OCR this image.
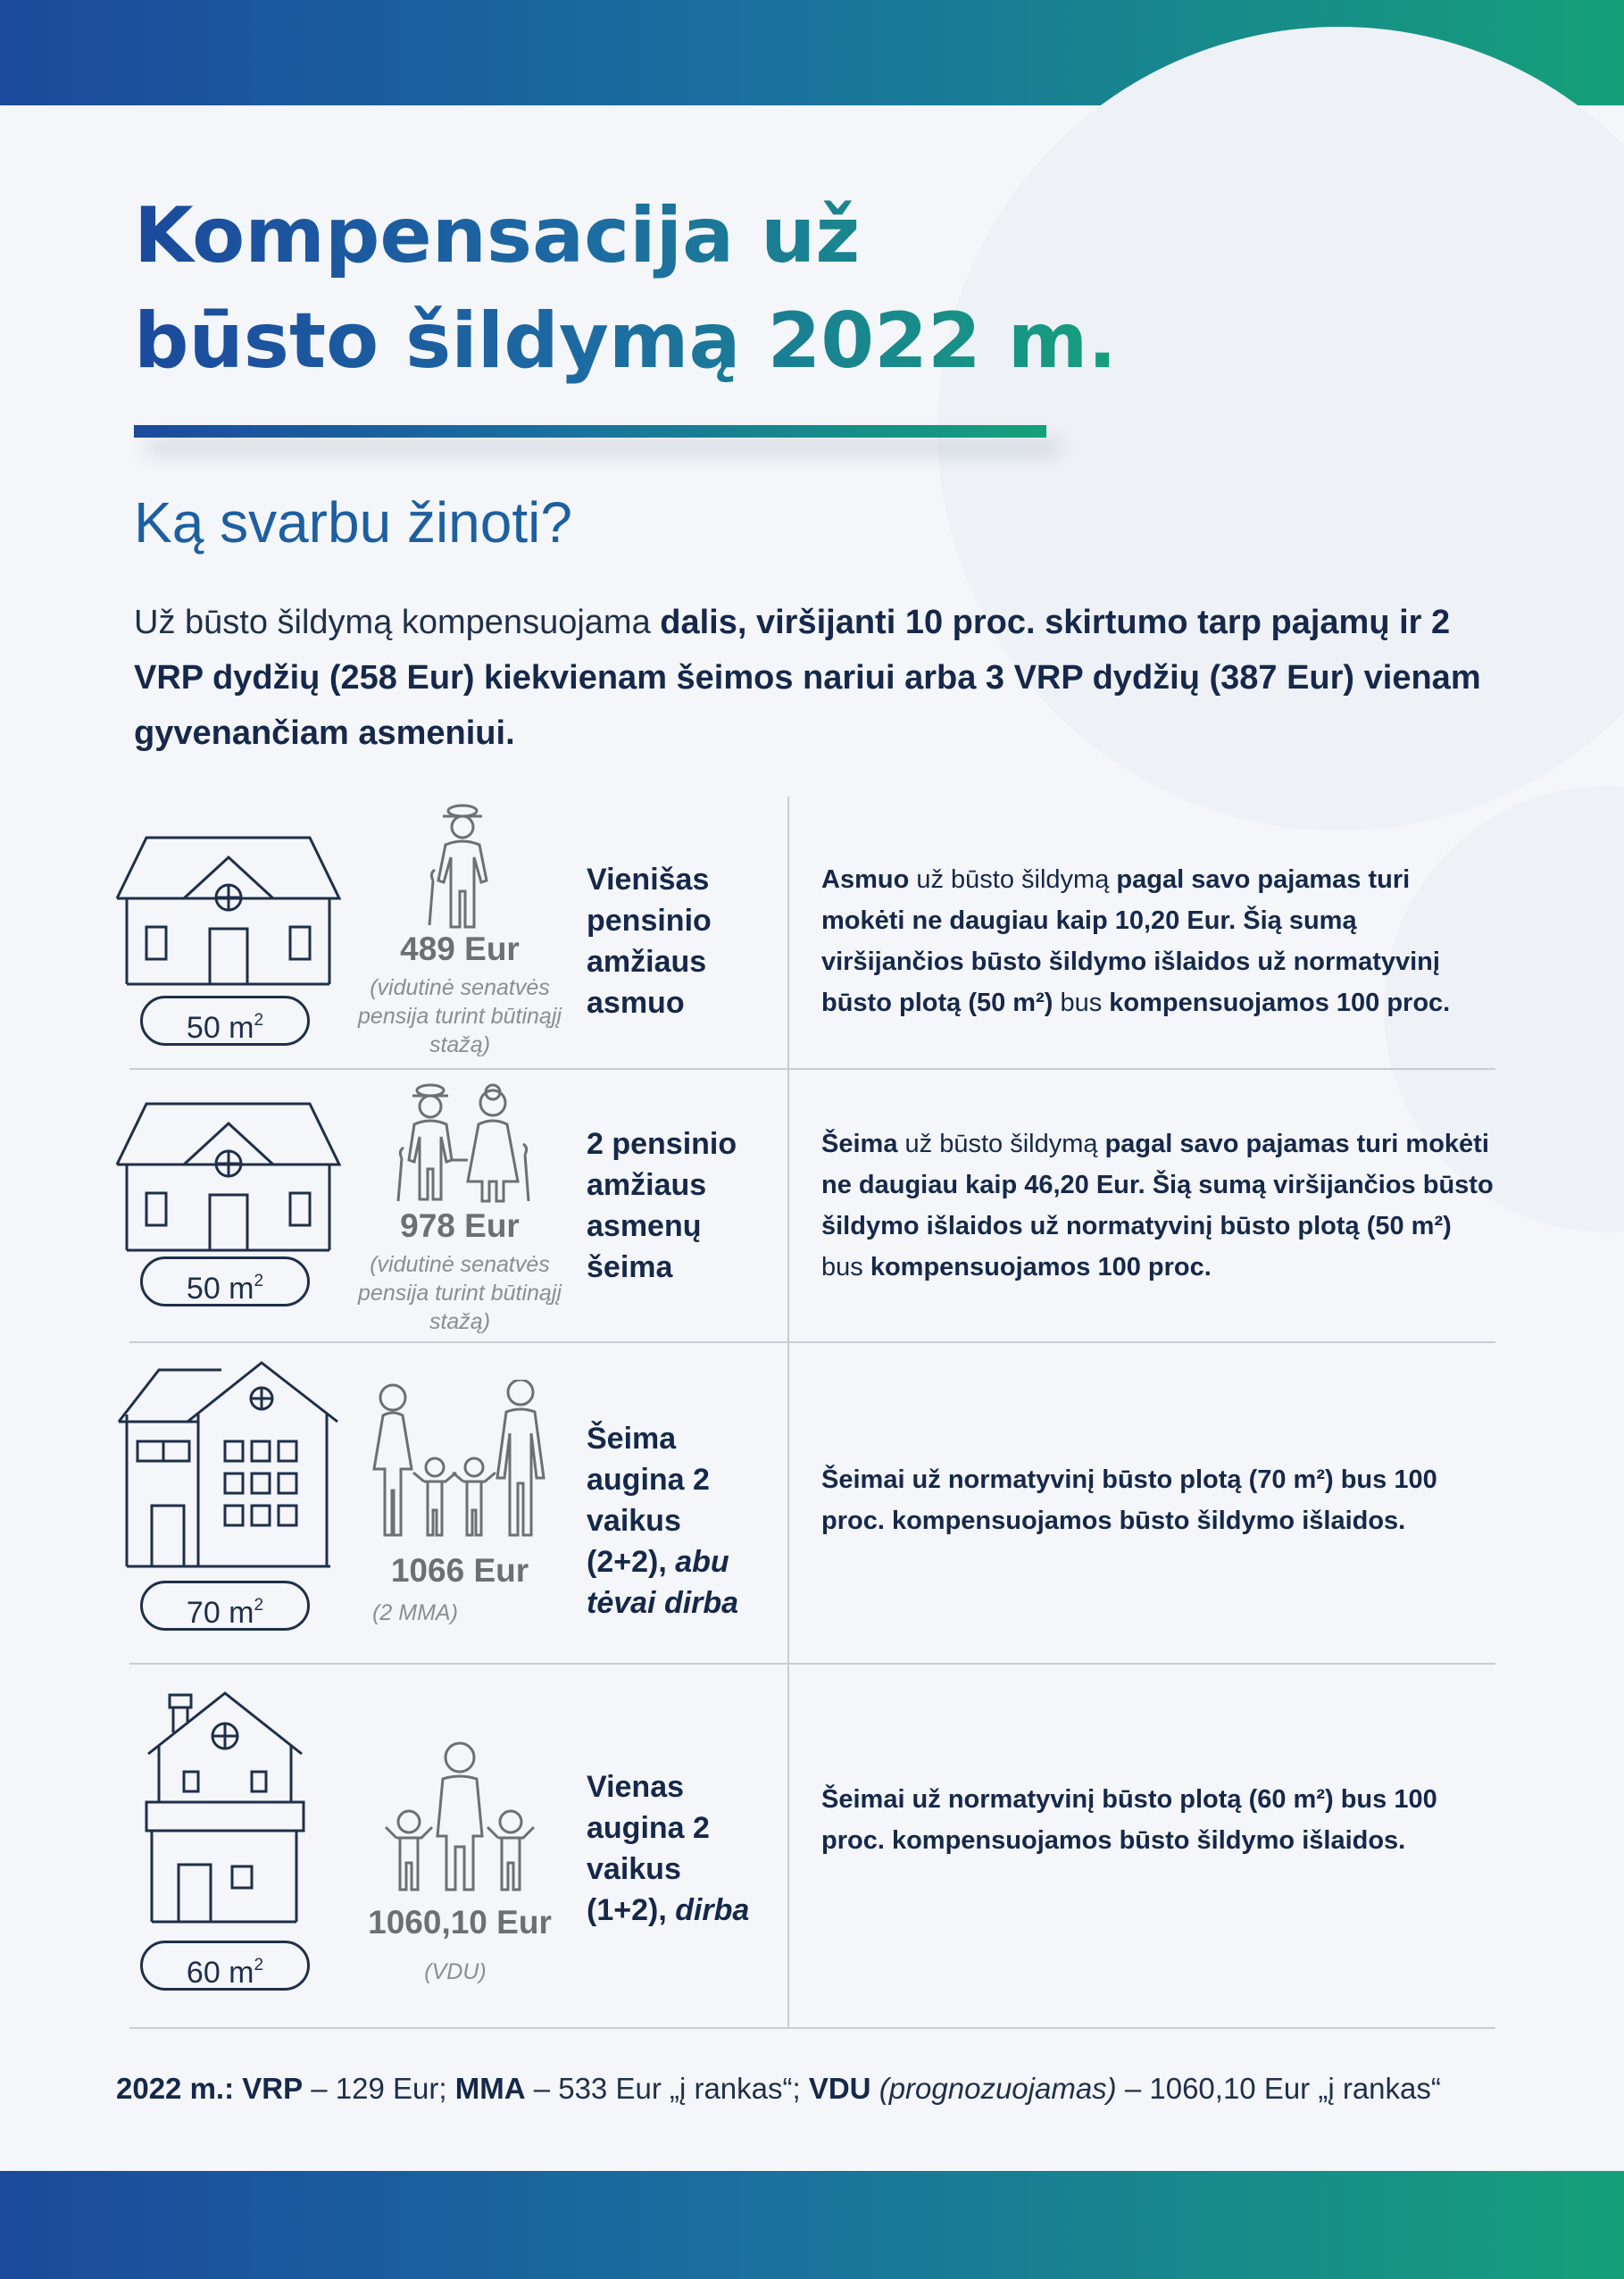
Kompensacija už
būsto šildymą 2022 m.
Ką svarbu žinoti?

Už būsto šildymą kompensuojama dalis, viršijanti 10 proc. skirtumo tarp pajamų ir 2 VRP dydžių (258 Eur) kiekvienam šeimos nariui arba 3 VRP dydžių (387 Eur) vienam gyvenančiam asmeniui.

50 $m^2$
489 Eur
(vidutinė senatvės pensija turint būtinąjį stažą)
Vienišas pensinio amžiaus asmuo
Asmuo už būsto šildymą pagal savo pajamas turi mokėti ne daugiau kaip 10,20 Eur. Šią sumą viršijančios būsto šildymo išlaidos už normatyvinį būsto plotą (50 m²) bus kompensuojamos 100 proc.
50 $m^2$
978 Eur
(vidutinė senatvės pensija turint būtinąjį stažą)
2 pensinio amžiaus asmenų šeima
Šeima už būsto šildymą pagal savo pajamas turi mokėti ne daugiau kaip 46,20 Eur. Šią sumą viršijančios būsto šildymo išlaidos už normatyvinį būsto plotą (50 m²) bus kompensuojamos 100 proc.
70 $m^2$
1066 Eur
(2 MMA)
Šeima augina 2 vaikus (2+2), abu tėvai dirba
Šeimai už normatyvinį būsto plotą (70 m²) bus 100 proc. kompensuojamos būsto šildymo išlaidos.
60 $m^2$
1060,10 Eur
(VDU)
Vienas augina 2 vaikus (1+2), dirba
Šeimai už normatyvinį būsto plotą (60 m²) bus 100 proc. kompensuojamos būsto šildymo išlaidos.

2022 m.: VRP – 129 Eur; MMA – 533 Eur „į rankas“; VDU (prognozuojamas) – 1060,10 Eur „į rankas“
